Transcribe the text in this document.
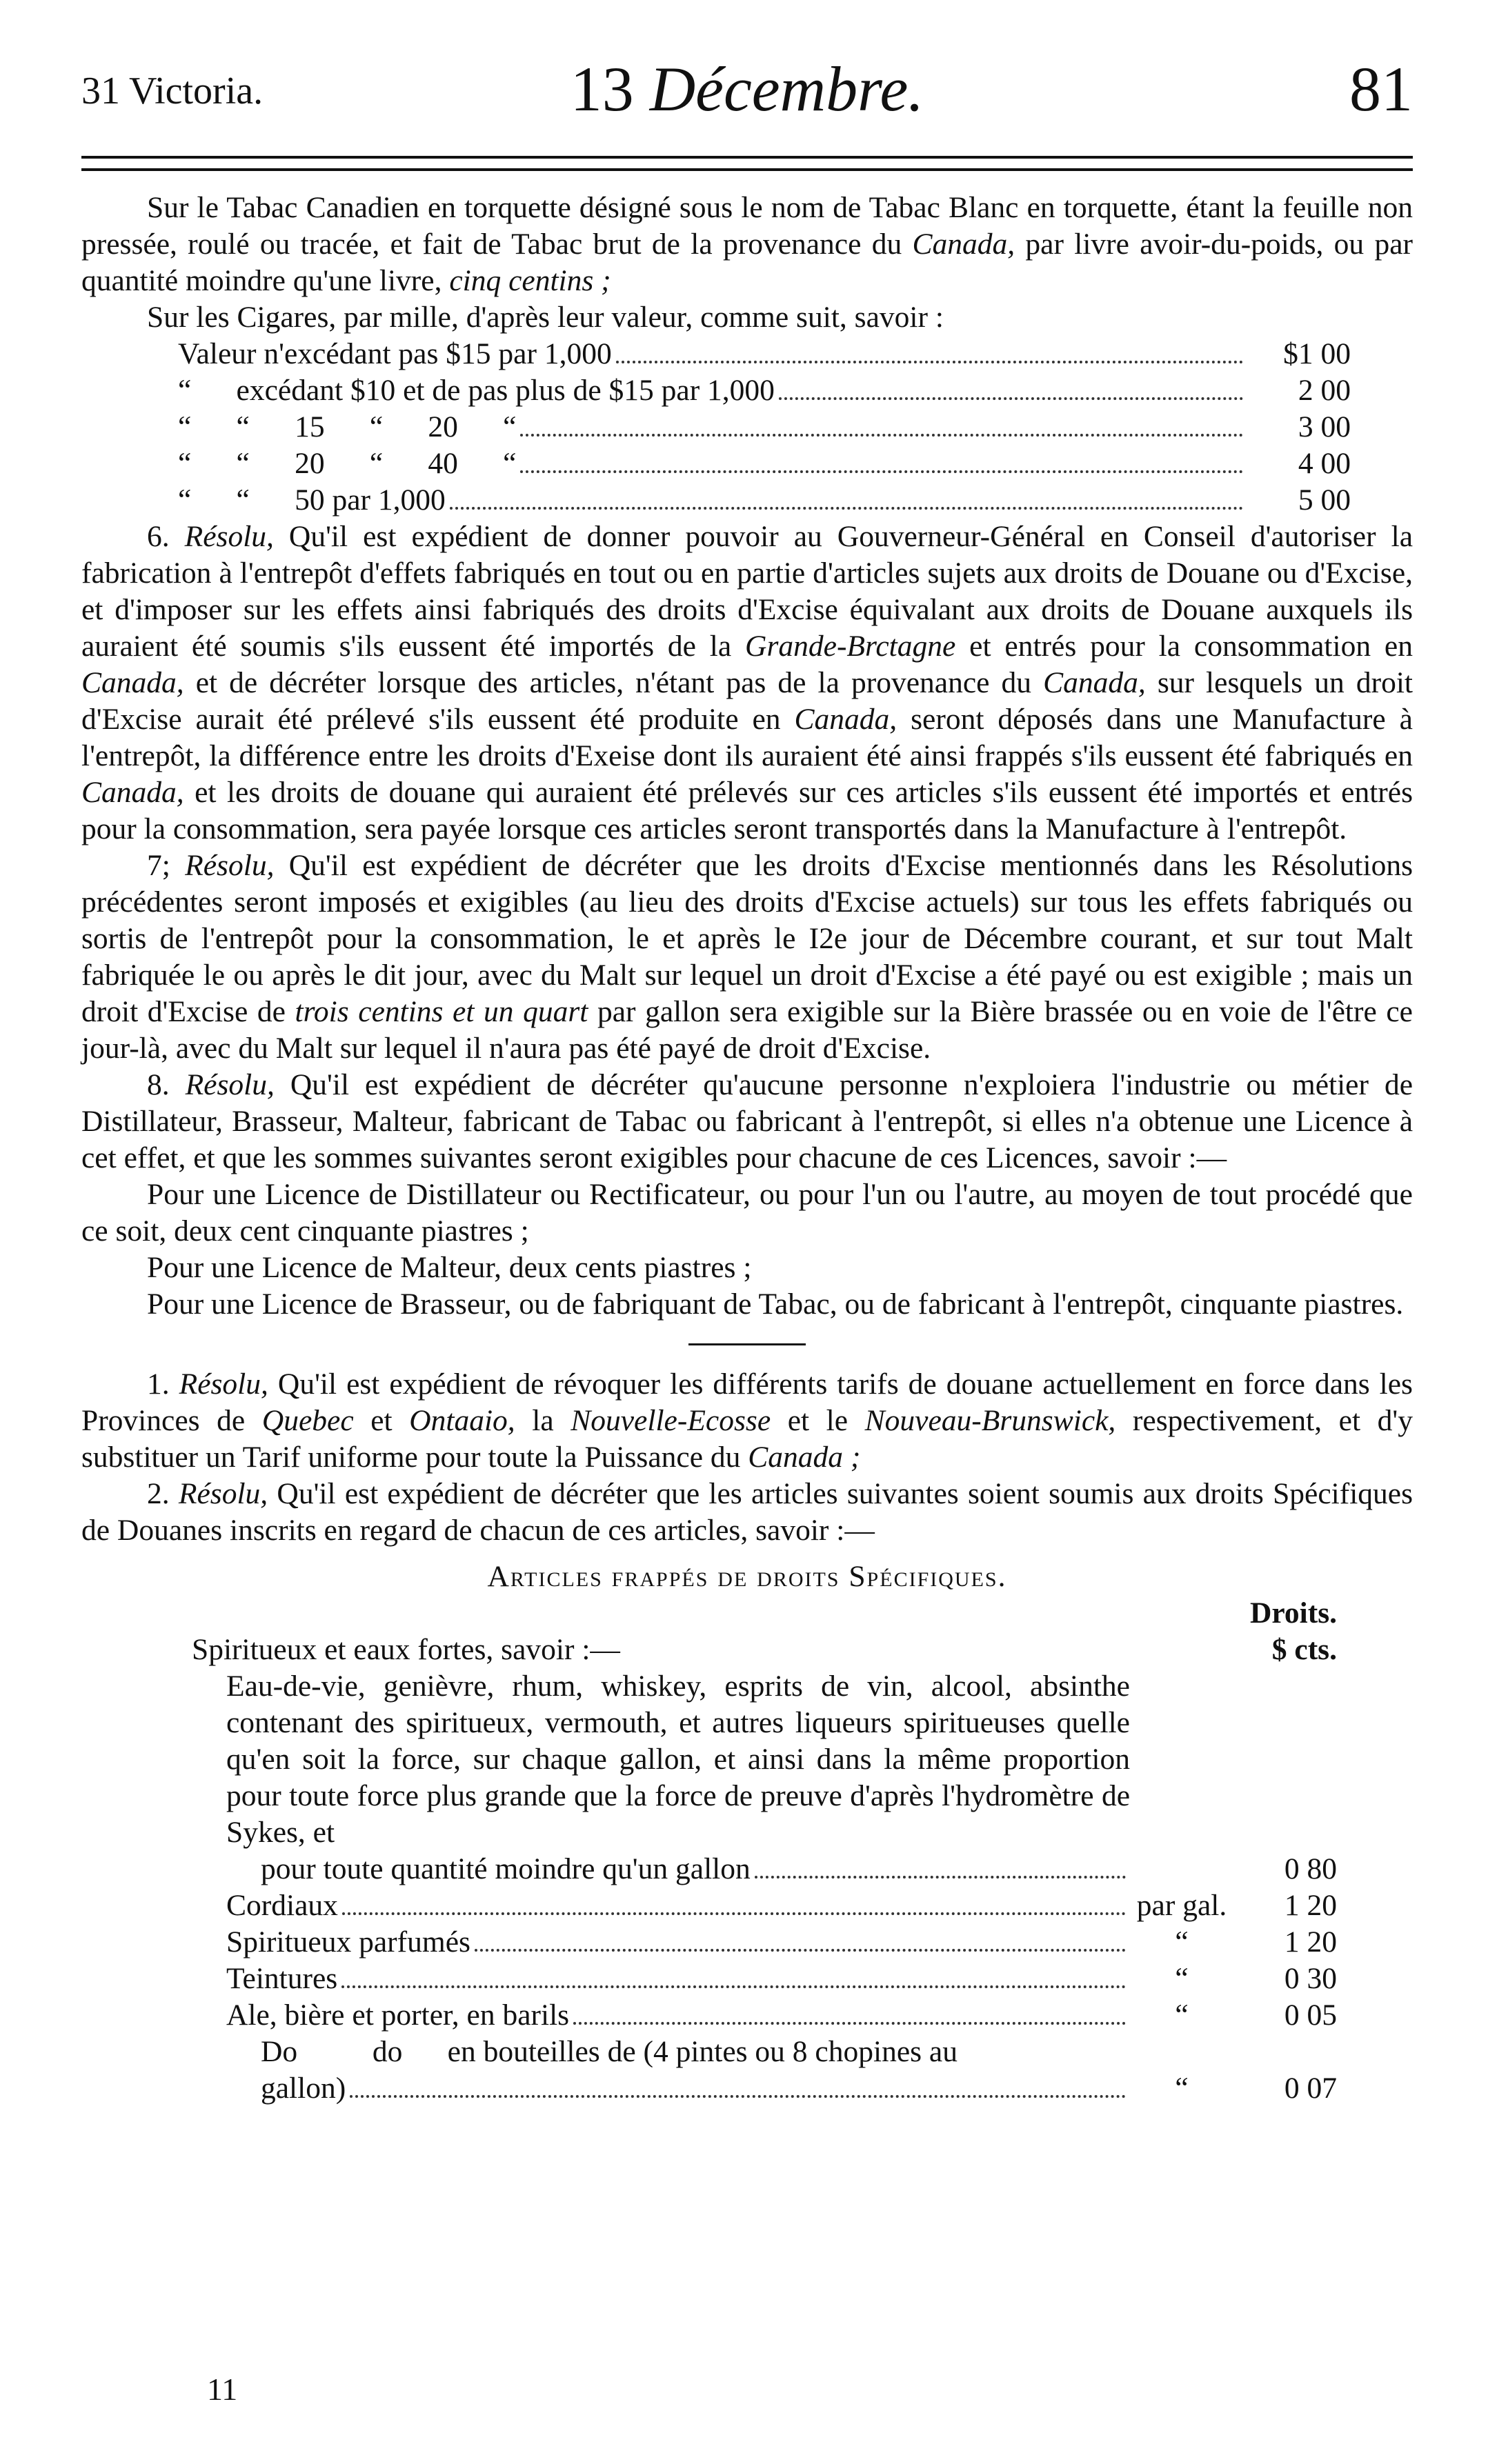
31 Victoria.	13 Décembre.	81

Sur le Tabac Canadien en torquette désigné sous le nom de Tabac Blanc en torquette, étant la feuille non pressée, roulé ou tracée, et fait de Tabac brut de la provenance du Canada, par livre avoir-du-poids, ou par quantité moindre qu'une livre, cinq centins ;

Sur les Cigares, par mille, d'après leur valeur, comme suit, savoir :

Valeur n'excédant pas $15 par 1,000	$1 00
“      excédant $10 et de pas plus de $15 par 1,000	2 00
“      “      15      “      20      “	3 00
“      “      20      “      40      “	4 00
“      “      50 par 1,000	5 00

6. Résolu, Qu'il est expédient de donner pouvoir au Gouverneur-Général en Conseil d'autoriser la fabrication à l'entrepôt d'effets fabriqués en tout ou en partie d'articles sujets aux droits de Douane ou d'Excise, et d'imposer sur les effets ainsi fabriqués des droits d'Excise équivalant aux droits de Douane auxquels ils auraient été soumis s'ils eussent été importés de la Grande-Brctagne et entrés pour la consommation en Canada, et de décréter lorsque des articles, n'étant pas de la provenance du Canada, sur lesquels un droit d'Excise aurait été prélevé s'ils eussent été produite en Canada, seront déposés dans une Manufacture à l'entrepôt, la différence entre les droits d'Exeise dont ils auraient été ainsi frappés s'ils eussent été fabriqués en Canada, et les droits de douane qui auraient été prélevés sur ces articles s'ils eussent été importés et entrés pour la consommation, sera payée lorsque ces articles seront transportés dans la Manufacture à l'entrepôt.

7; Résolu, Qu'il est expédient de décréter que les droits d'Excise mentionnés dans les Résolutions précédentes seront imposés et exigibles (au lieu des droits d'Excise actuels) sur tous les effets fabriqués ou sortis de l'entrepôt pour la consommation, le et après le I2e jour de Décembre courant, et sur tout Malt fabriquée le ou après le dit jour, avec du Malt sur lequel un droit d'Excise a été payé ou est exigible ; mais un droit d'Excise de trois centins et un quart par gallon sera exigible sur la Bière brassée ou en voie de l'être ce jour-là, avec du Malt sur lequel il n'aura pas été payé de droit d'Excise.

8. Résolu, Qu'il est expédient de décréter qu'aucune personne n'exploiera l'industrie ou métier de Distillateur, Brasseur, Malteur, fabricant de Tabac ou fabricant à l'entrepôt, si elles n'a obtenue une Licence à cet effet, et que les sommes suivantes seront exigibles pour chacune de ces Licences, savoir :—

Pour une Licence de Distillateur ou Rectificateur, ou pour l'un ou l'autre, au moyen de tout procédé que ce soit, deux cent cinquante piastres ;

Pour une Licence de Malteur, deux cents piastres ;

Pour une Licence de Brasseur, ou de fabriquant de Tabac, ou de fabricant à l'entrepôt, cinquante piastres.

1. Résolu, Qu'il est expédient de révoquer les différents tarifs de douane actuellement en force dans les Provinces de Quebec et Ontaaio, la Nouvelle-Ecosse et le Nouveau-Brunswick, respectivement, et d'y substituer un Tarif uniforme pour toute la Puissance du Canada ;

2. Résolu, Qu'il est expédient de décréter que les articles suivantes soient soumis aux droits Spécifiques de Douanes inscrits en regard de chacun de ces articles, savoir :—

Articles frappés de droits Spécifiques.
Droits.
Spiritueux et eaux fortes, savoir :—	$ cts.
Eau-de-vie, genièvre, rhum, whiskey, esprits de vin, alcool, absinthe contenant des spiritueux, vermouth, et autres liqueurs spiritueuses quelle qu'en soit la force, sur chaque gallon, et ainsi dans la même proportion pour toute force plus grande que la force de preuve d'après l'hydromètre de Sykes, et
pour toute quantité moindre qu'un gallon	0 80
Cordiaux	par gal.	1 20
Spiritueux parfumés	“	1 20
Teintures	“	0 30
Ale, bière et porter, en barils	“	0 05
Do          do      en bouteilles de (4 pintes ou 8 chopines au
gallon)	“	0 07
11
